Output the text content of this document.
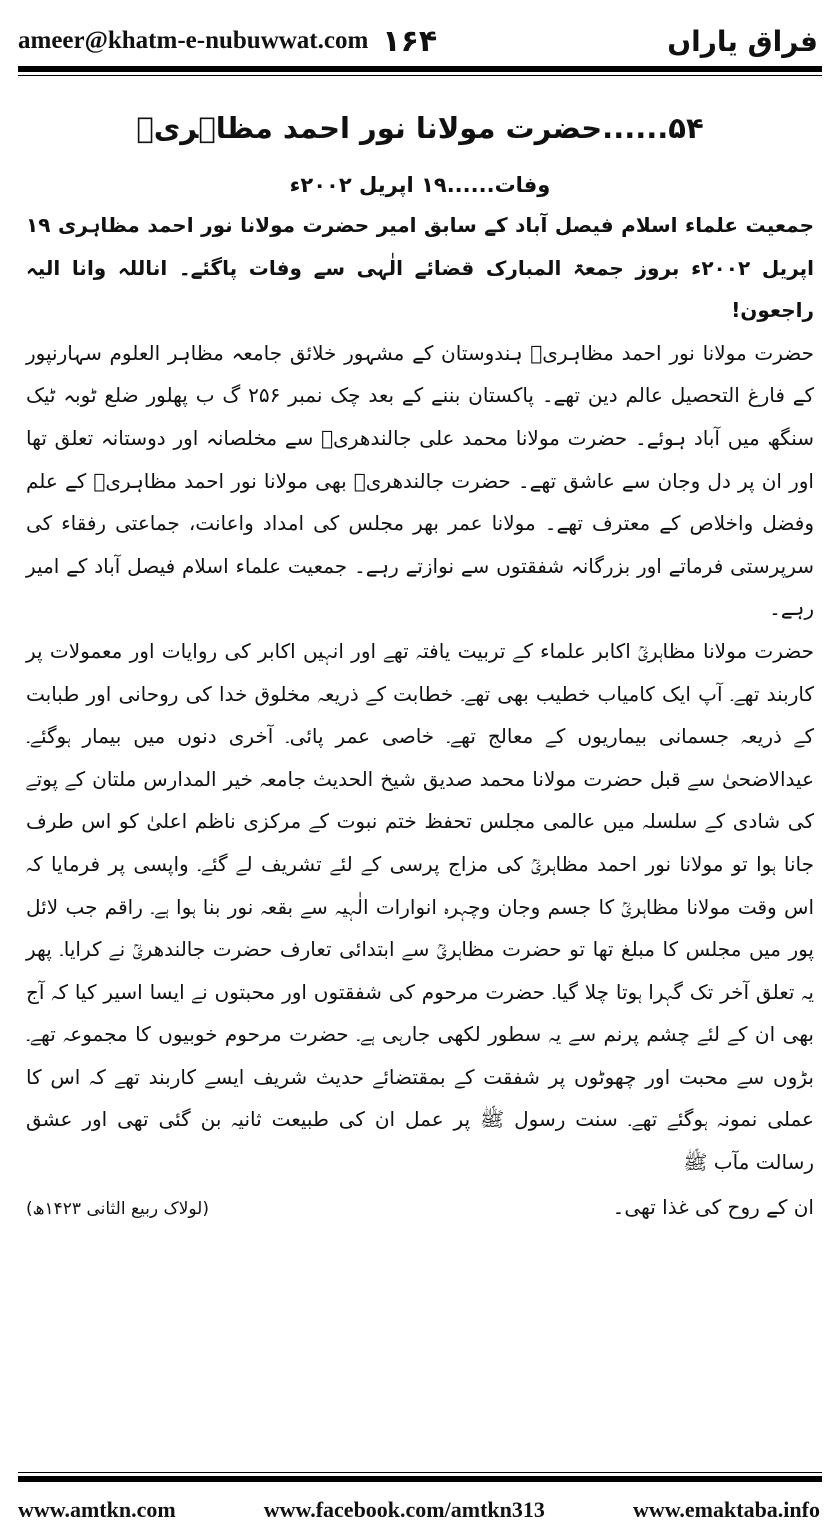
ameer@khatm-e-nubuwwat.com ۱۶۴	فراق یاراں
۵۴......حضرت مولانا نور احمد مظاہریؒ
وفات......۱۹ اپریل ۲۰۰۲ء

جمعیت علماء اسلام فیصل آباد کے سابق امیر حضرت مولانا نور احمد مظاہری ۱۹ اپریل ۲۰۰۲ء بروز جمعۃ المبارک قضائے الٰہی سے وفات پاگئے۔ اناللہ وانا الیہ راجعون!

حضرت مولانا نور احمد مظاہریؒ ہندوستان کے مشہور خلائق جامعہ مظاہر العلوم سہارنپور کے فارغ التحصیل عالم دین تھے۔ پاکستان بننے کے بعد چک نمبر ۲۵۶ گ ب پھلور ضلع ٹوبہ ٹیک سنگھ میں آباد ہوئے۔ حضرت مولانا محمد علی جالندھریؒ سے مخلصانہ اور دوستانہ تعلق تھا اور ان پر دل وجان سے عاشق تھے۔ حضرت جالندھریؒ بھی مولانا نور احمد مظاہریؒ کے علم وفضل واخلاص کے معترف تھے۔ مولانا عمر بھر مجلس کی امداد واعانت، جماعتی رفقاء کی سرپرستی فرماتے اور بزرگانہ شفقتوں سے نوازتے رہے۔ جمعیت علماء اسلام فیصل آباد کے امیر رہے۔

حضرت مولانا مظاہریؒ اکابر علماء کے تربیت یافتہ تھے اور انہیں اکابر کی روایات اور معمولات پر کاربند تھے۔ آپ ایک کامیاب خطیب بھی تھے۔ خطابت کے ذریعہ مخلوق خدا کی روحانی اور طبابت کے ذریعہ جسمانی بیماریوں کے معالج تھے۔ خاصی عمر پائی۔ آخری دنوں میں بیمار ہوگئے۔ عیدالاضحیٰ سے قبل حضرت مولانا محمد صدیق شیخ الحدیث جامعہ خیر المدارس ملتان کے پوتے کی شادی کے سلسلہ میں عالمی مجلس تحفظ ختم نبوت کے مرکزی ناظم اعلیٰ کو اس طرف جانا ہوا تو مولانا نور احمد مظاہریؒ کی مزاج پرسی کے لئے تشریف لے گئے۔ واپسی پر فرمایا کہ اس وقت مولانا مظاہریؒ کا جسم وجان وچہرہ انوارات الٰہیہ سے بقعہ نور بنا ہوا ہے۔ راقم جب لائل پور میں مجلس کا مبلغ تھا تو حضرت مظاہریؒ سے ابتدائی تعارف حضرت جالندھریؒ نے کرایا۔ پھر یہ تعلق آخر تک گہرا ہوتا چلا گیا۔ حضرت مرحوم کی شفقتوں اور محبتوں نے ایسا اسیر کیا کہ آج بھی ان کے لئے چشم پرنم سے یہ سطور لکھی جارہی ہے۔ حضرت مرحوم خوبیوں کا مجموعہ تھے۔ بڑوں سے محبت اور چھوٹوں پر شفقت کے بمقتضائے حدیث شریف ایسے کاربند تھے کہ اس کا عملی نمونہ ہوگئے تھے۔ سنت رسول ﷺ پر عمل ان کی طبیعت ثانیہ بن گئی تھی اور عشق رسالت مآب ﷺ

ان کے روح کی غذا تھی۔
(لولاک ربیع الثانی ۱۴۲۳ھ)
www.amtkn.com	www.facebook.com/amtkn313	www.emaktaba.info
